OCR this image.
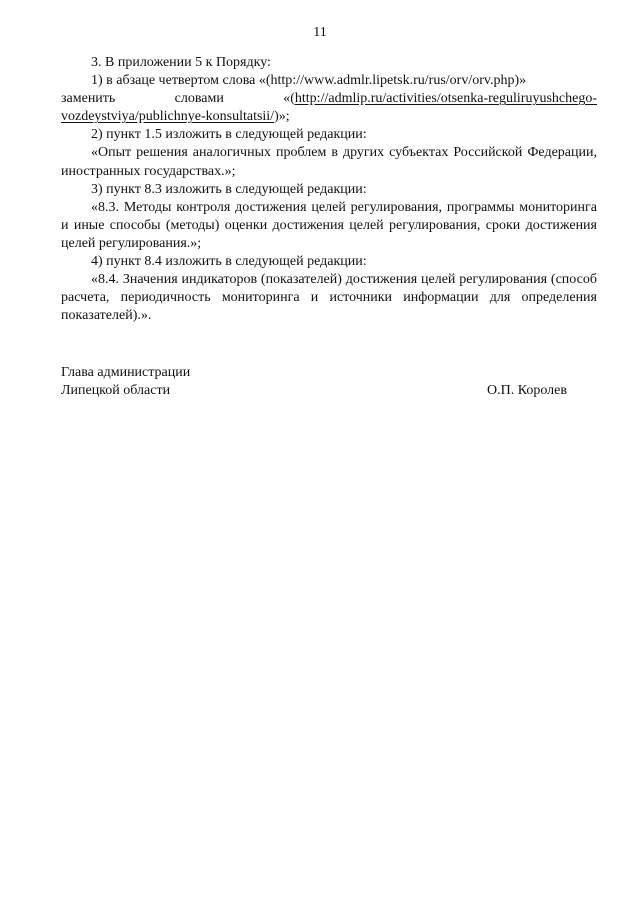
11

3. В приложении 5 к Порядку:

1) в абзаце четвертом слова «(http://www.admlr.lipetsk.ru/rus/orv/orv.php)»

заменить словами «(http://admlip.ru/activities/otsenka-reguliruyushchego-

vozdeystviya/publichnye-konsultatsii/)»;

2) пункт 1.5 изложить в следующей редакции:

«Опыт решения аналогичных проблем в других субъектах Российской Федерации, иностранных государствах.»;

3) пункт 8.3 изложить в следующей редакции:

«8.3. Методы контроля достижения целей регулирования, программы мониторинга и иные способы (методы) оценки достижения целей регулирования, сроки достижения целей регулирования.»;

4) пункт 8.4 изложить в следующей редакции:

«8.4. Значения индикаторов (показателей) достижения целей регулирования (способ расчета, периодичность мониторинга и источники информации для определения показателей).».

Глава администрации
Липецкой области	О.П. Королев
